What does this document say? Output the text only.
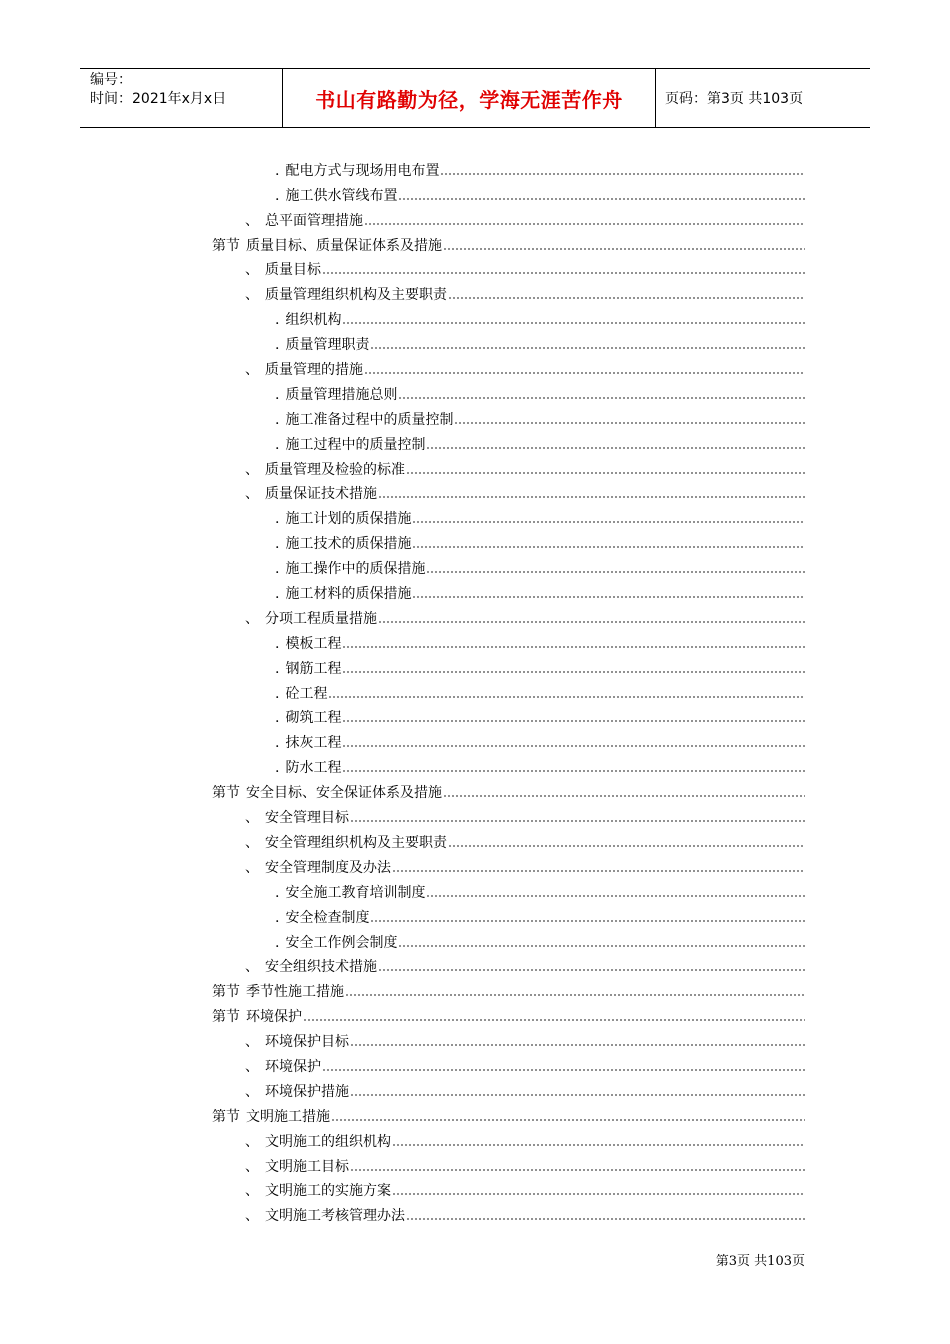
编号：
时间：2021年x月x日	书山有路勤为径，学海无涯苦作舟	页码：第3页 共103页
. 配电方式与现场用电布置
. 施工供水管线布置
、 总平面管理措施
第节 质量目标、质量保证体系及措施
、 质量目标
、 质量管理组织机构及主要职责
. 组织机构
. 质量管理职责
、 质量管理的措施
. 质量管理措施总则
. 施工准备过程中的质量控制
. 施工过程中的质量控制
、 质量管理及检验的标准
、 质量保证技术措施
. 施工计划的质保措施
. 施工技术的质保措施
. 施工操作中的质保措施
. 施工材料的质保措施
、 分项工程质量措施
. 模板工程
. 钢筋工程
. 砼工程
. 砌筑工程
. 抹灰工程
. 防水工程
第节 安全目标、安全保证体系及措施
、 安全管理目标
、 安全管理组织机构及主要职责
、 安全管理制度及办法
. 安全施工教育培训制度
. 安全检查制度
. 安全工作例会制度
、 安全组织技术措施
第节 季节性施工措施
第节 环境保护
、 环境保护目标
、 环境保护
、 环境保护措施
第节 文明施工措施
、 文明施工的组织机构
、 文明施工目标
、 文明施工的实施方案
、 文明施工考核管理办法
第3页 共103页
